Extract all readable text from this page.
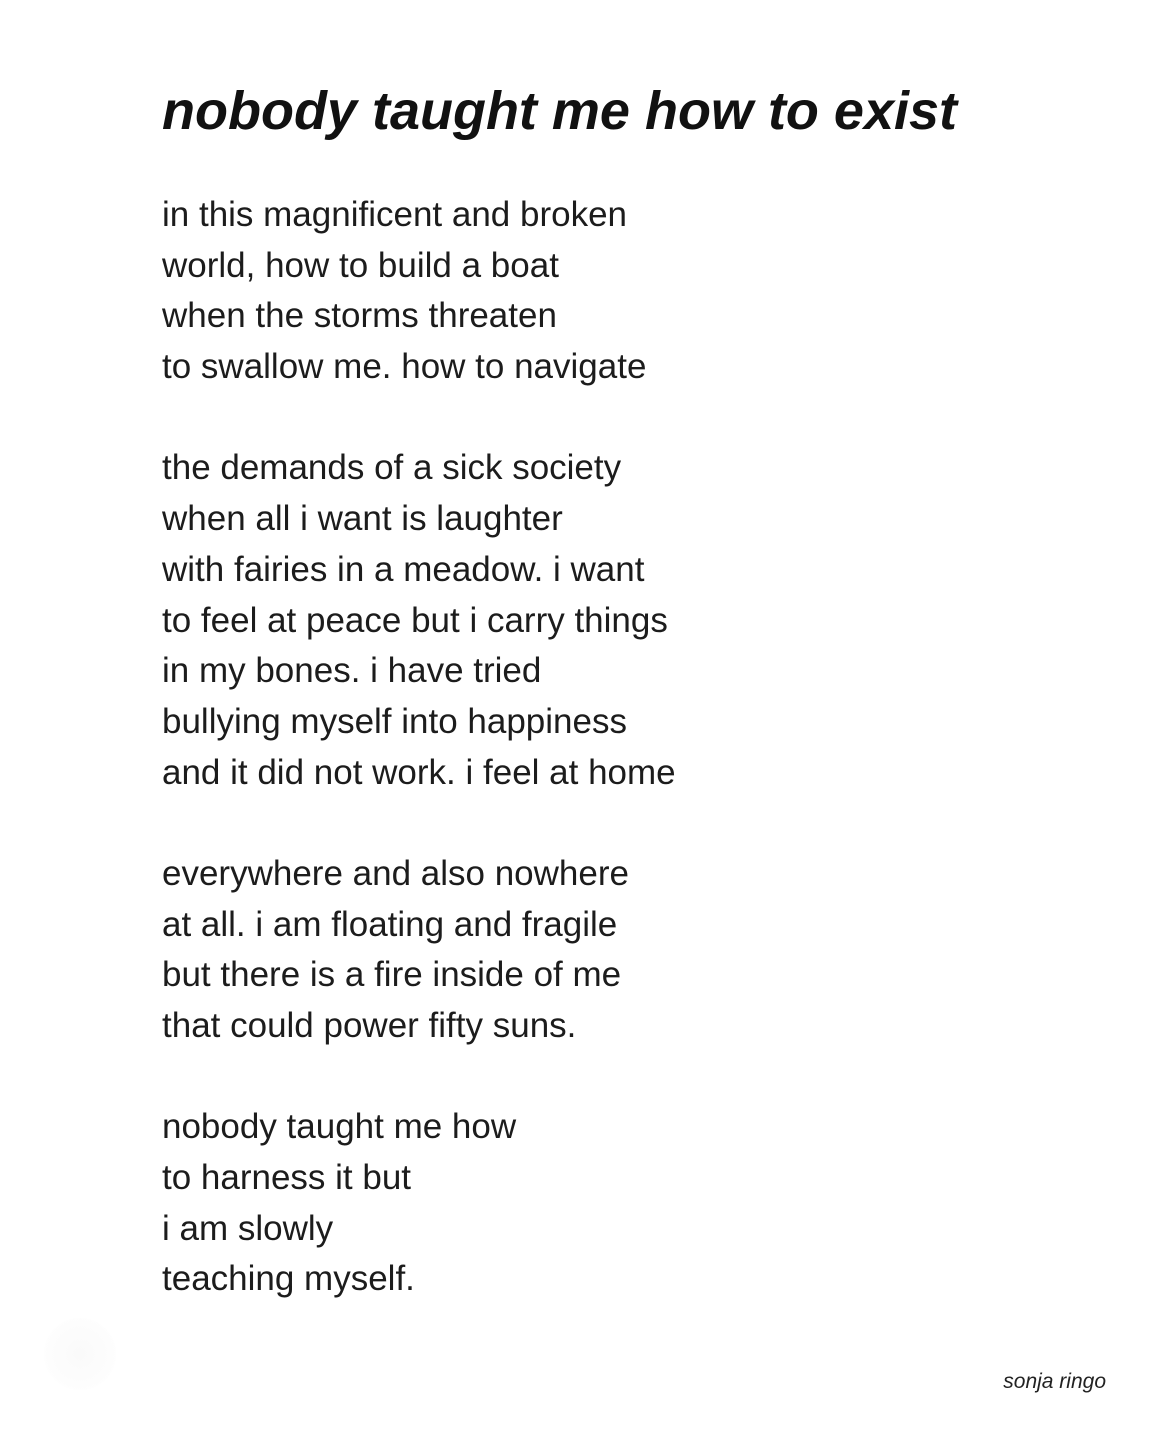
nobody taught me how to exist
in this magnificent and broken
world, how to build a boat
when the storms threaten
to swallow me. how to navigate
the demands of a sick society
when all i want is laughter
with fairies in a meadow. i want
to feel at peace but i carry things
in my bones. i have tried
bullying myself into happiness
and it did not work. i feel at home
everywhere and also nowhere
at all. i am floating and fragile
but there is a fire inside of me
that could power fifty suns.
nobody taught me how
to harness it but
i am slowly
teaching myself.
sonja ringo
